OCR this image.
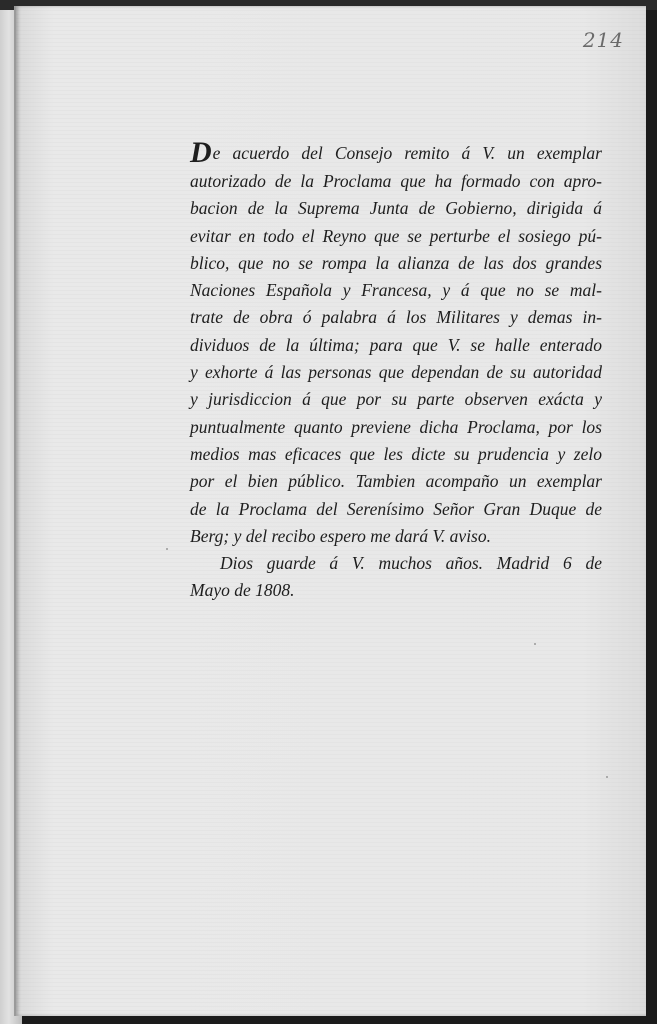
214
De acuerdo del Consejo remito á V. un exemplar
autorizado de la Proclama que ha formado con apro-
bacion de la Suprema Junta de Gobierno, dirigida á
evitar en todo el Reyno que se perturbe el sosiego pú-
blico, que no se rompa la alianza de las dos grandes
Naciones Española y Francesa, y á que no se mal-
trate de obra ó palabra á los Militares y demas in-
dividuos de la última; para que V. se halle enterado
y exhorte á las personas que dependan de su autoridad
y jurisdiccion á que por su parte observen exácta y
puntualmente quanto previene dicha Proclama, por los
medios mas eficaces que les dicte su prudencia y zelo
por el bien público. Tambien acompaño un exemplar
de la Proclama del Serenísimo Señor Gran Duque de
Berg; y del recibo espero me dará V. aviso.
Dios guarde á V. muchos años. Madrid 6 de
Mayo de 1808.
